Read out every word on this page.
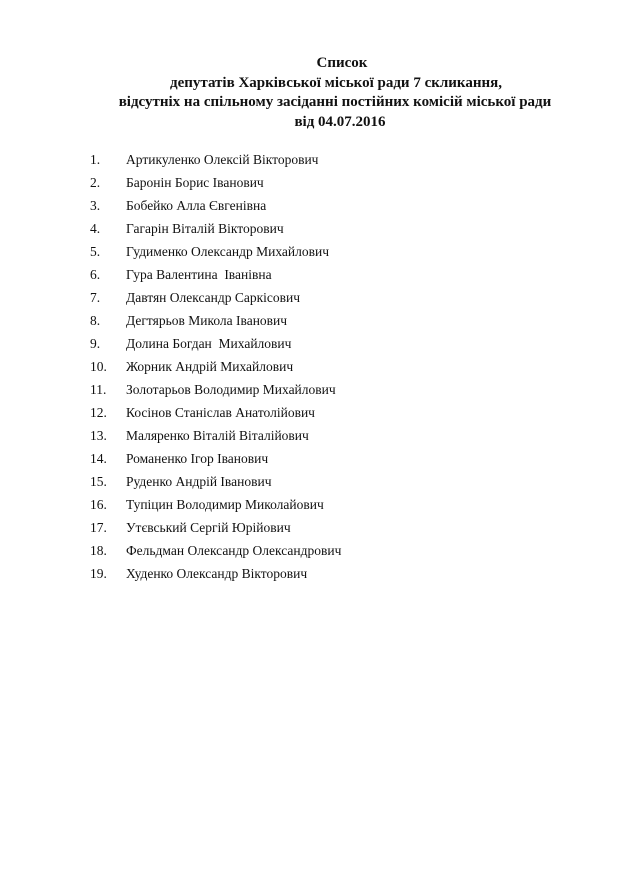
Список
депутатів Харківської міської ради 7 скликання,
відсутніх на спільному засіданні постійних комісій міської ради
від 04.07.2016
1. Артикуленко Олексій Вікторович
2. Баронін Борис Іванович
3. Бобейко Алла Євгенівна
4. Гагарін Віталій Вікторович
5. Гудименко Олександр Михайлович
6. Гура Валентина  Іванівна
7. Давтян Олександр Саркісович
8. Дегтярьов Микола Іванович
9. Долина Богдан  Михайлович
10. Жорник Андрій Михайлович
11. Золотарьов Володимир Михайлович
12. Косінов Станіслав Анатолійович
13. Маляренко Віталій Віталійович
14. Романенко Ігор Іванович
15. Руденко Андрій Іванович
16. Тупіцин Володимир Миколайович
17. Утєвський Сергій Юрійович
18. Фельдман Олександр Олександрович
19. Худенко Олександр Вікторович
